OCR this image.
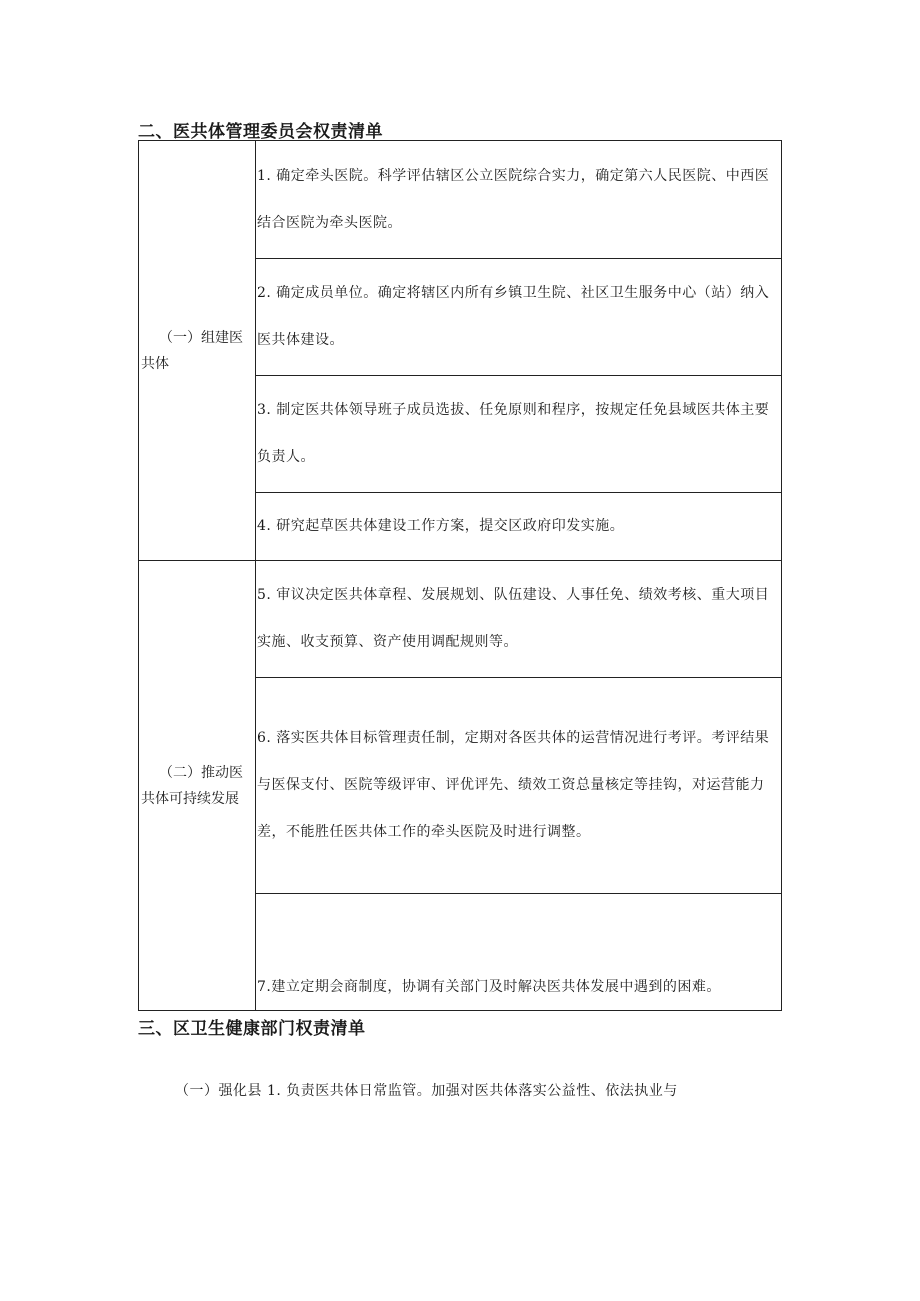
二、医共体管理委员会权责清单
（一）组建医共体	1. 确定牵头医院。科学评估辖区公立医院综合实力，确定第六人民医院、中西医结合医院为牵头医院。

	2. 确定成员单位。确定将辖区内所有乡镇卫生院、社区卫生服务中心（站）纳入医共体建设。

	3. 制定医共体领导班子成员选拔、任免原则和程序，按规定任免县域医共体主要负责人。

	4. 研究起草医共体建设工作方案，提交区政府印发实施。

（二）推动医共体可持续发展	5. 审议决定医共体章程、发展规划、队伍建设、人事任免、绩效考核、重大项目实施、收支预算、资产使用调配规则等。

	6. 落实医共体目标管理责任制，定期对各医共体的运营情况进行考评。考评结果与医保支付、医院等级评审、评优评先、绩效工资总量核定等挂钩，对运营能力差，不能胜任医共体工作的牵头医院及时进行调整。

	7.建立定期会商制度，协调有关部门及时解决医共体发展中遇到的困难。
三、区卫生健康部门权责清单
（一）强化县 1. 负责医共体日常监管。加强对医共体落实公益性、依法执业与
